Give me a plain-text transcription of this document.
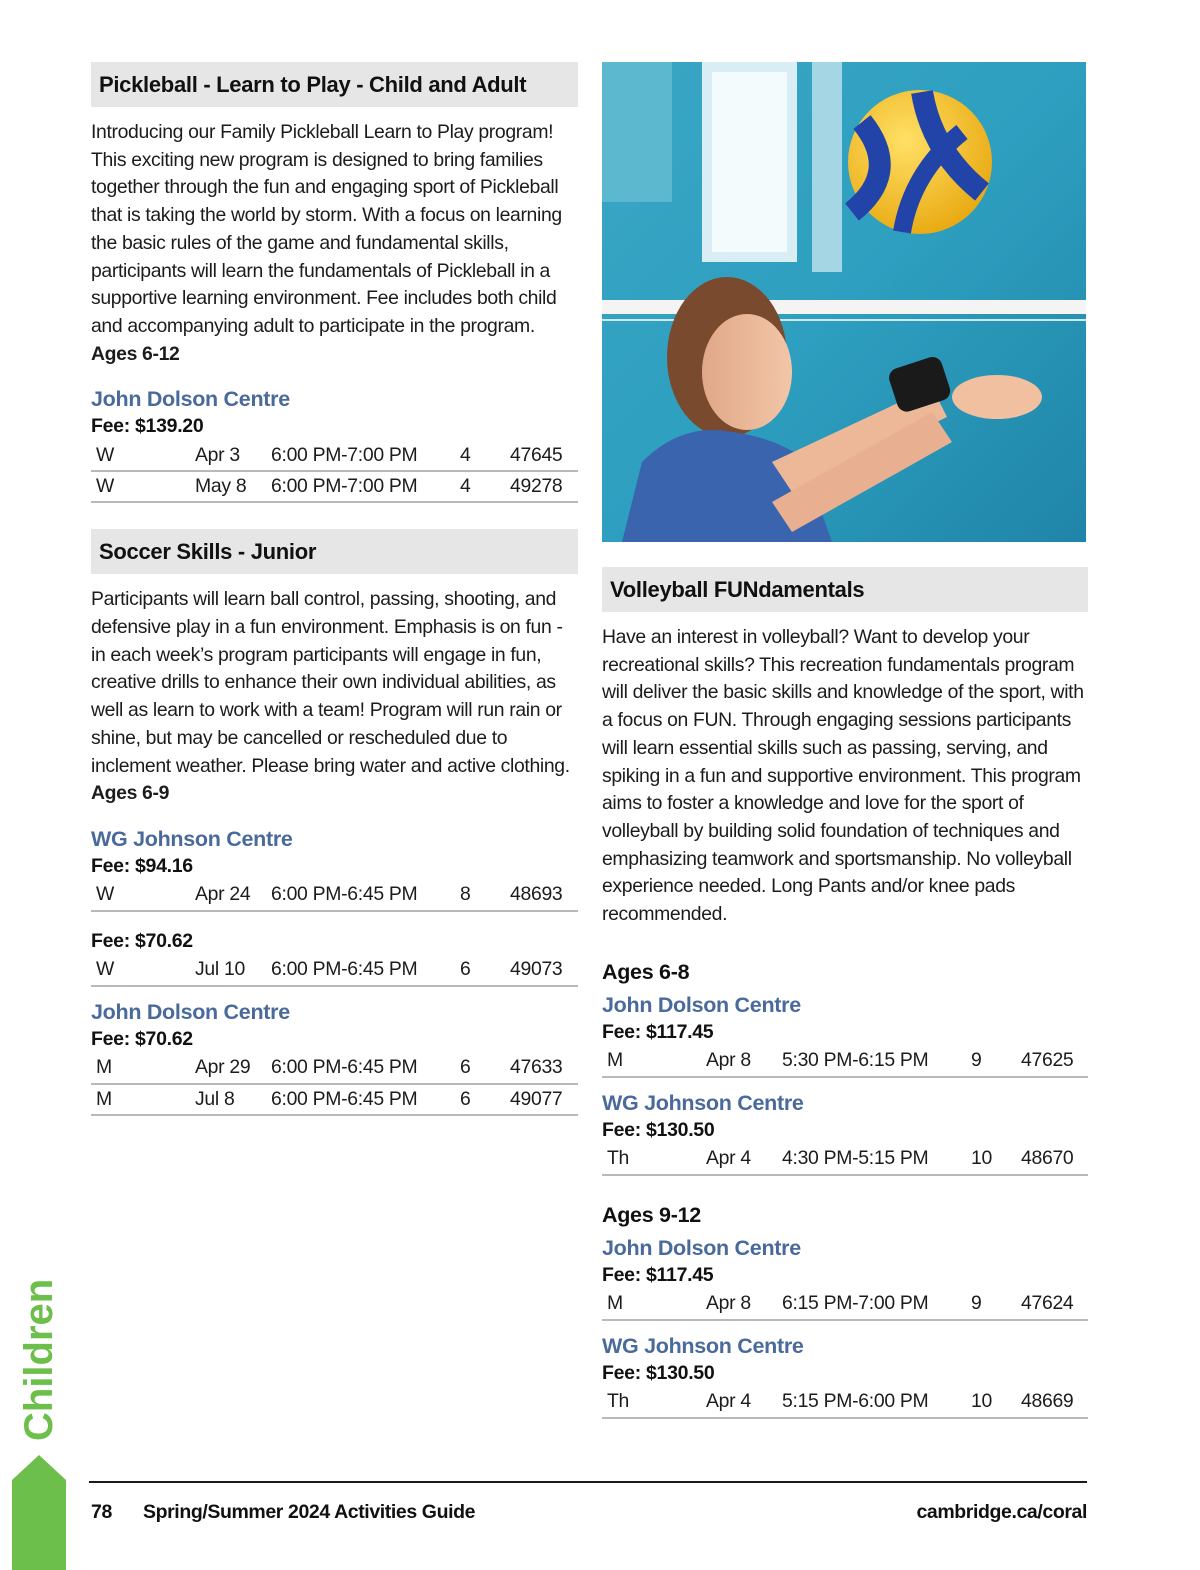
Pickleball - Learn to Play - Child and Adult

Introducing our Family Pickleball Learn to Play program! This exciting new program is designed to bring families together through the fun and engaging sport of Pickleball that is taking the world by storm. With a focus on learning the basic rules of the game and fundamental skills, participants will learn the fundamentals of Pickleball in a supportive learning environment. Fee includes both child and accompanying adult to participate in the program.
Ages 6-12

John Dolson Centre
Fee: $139.20
W	Apr 3	6:00 PM-7:00 PM	4	47645
W	May 8	6:00 PM-7:00 PM	4	49278
Soccer Skills - Junior

Participants will learn ball control, passing, shooting, and defensive play in a fun environment. Emphasis is on fun - in each week’s program participants will engage in fun, creative drills to enhance their own individual abilities, as well as learn to work with a team! Program will run rain or shine, but may be cancelled or rescheduled due to inclement weather. Please bring water and active clothing. Ages 6-9

WG Johnson Centre
Fee: $94.16
W	Apr 24	6:00 PM-6:45 PM	8	48693
Fee: $70.62
W	Jul 10	6:00 PM-6:45 PM	6	49073
John Dolson Centre
Fee: $70.62
M	Apr 29	6:00 PM-6:45 PM	6	47633
M	Jul 8	6:00 PM-6:45 PM	6	49077
Volleyball FUNdamentals

Have an interest in volleyball? Want to develop your recreational skills? This recreation fundamentals program will deliver the basic skills and knowledge of the sport, with a focus on FUN. Through engaging sessions participants will learn essential skills such as passing, serving, and spiking in a fun and supportive environment. This program aims to foster a knowledge and love for the sport of volleyball by building solid foundation of techniques and emphasizing teamwork and sportsmanship. No volleyball experience needed. Long Pants and/or knee pads recommended.

Ages 6-8
John Dolson Centre
Fee: $117.45
M	Apr 8	5:30 PM-6:15 PM	9	47625
WG Johnson Centre
Fee: $130.50
Th	Apr 4	4:30 PM-5:15 PM	10	48670
Ages 9-12
John Dolson Centre
Fee: $117.45
M	Apr 8	6:15 PM-7:00 PM	9	47624
WG Johnson Centre
Fee: $130.50
Th	Apr 4	5:15 PM-6:00 PM	10	48669
Children
78	Spring/Summer 2024 Activities Guide	cambridge.ca/coral
